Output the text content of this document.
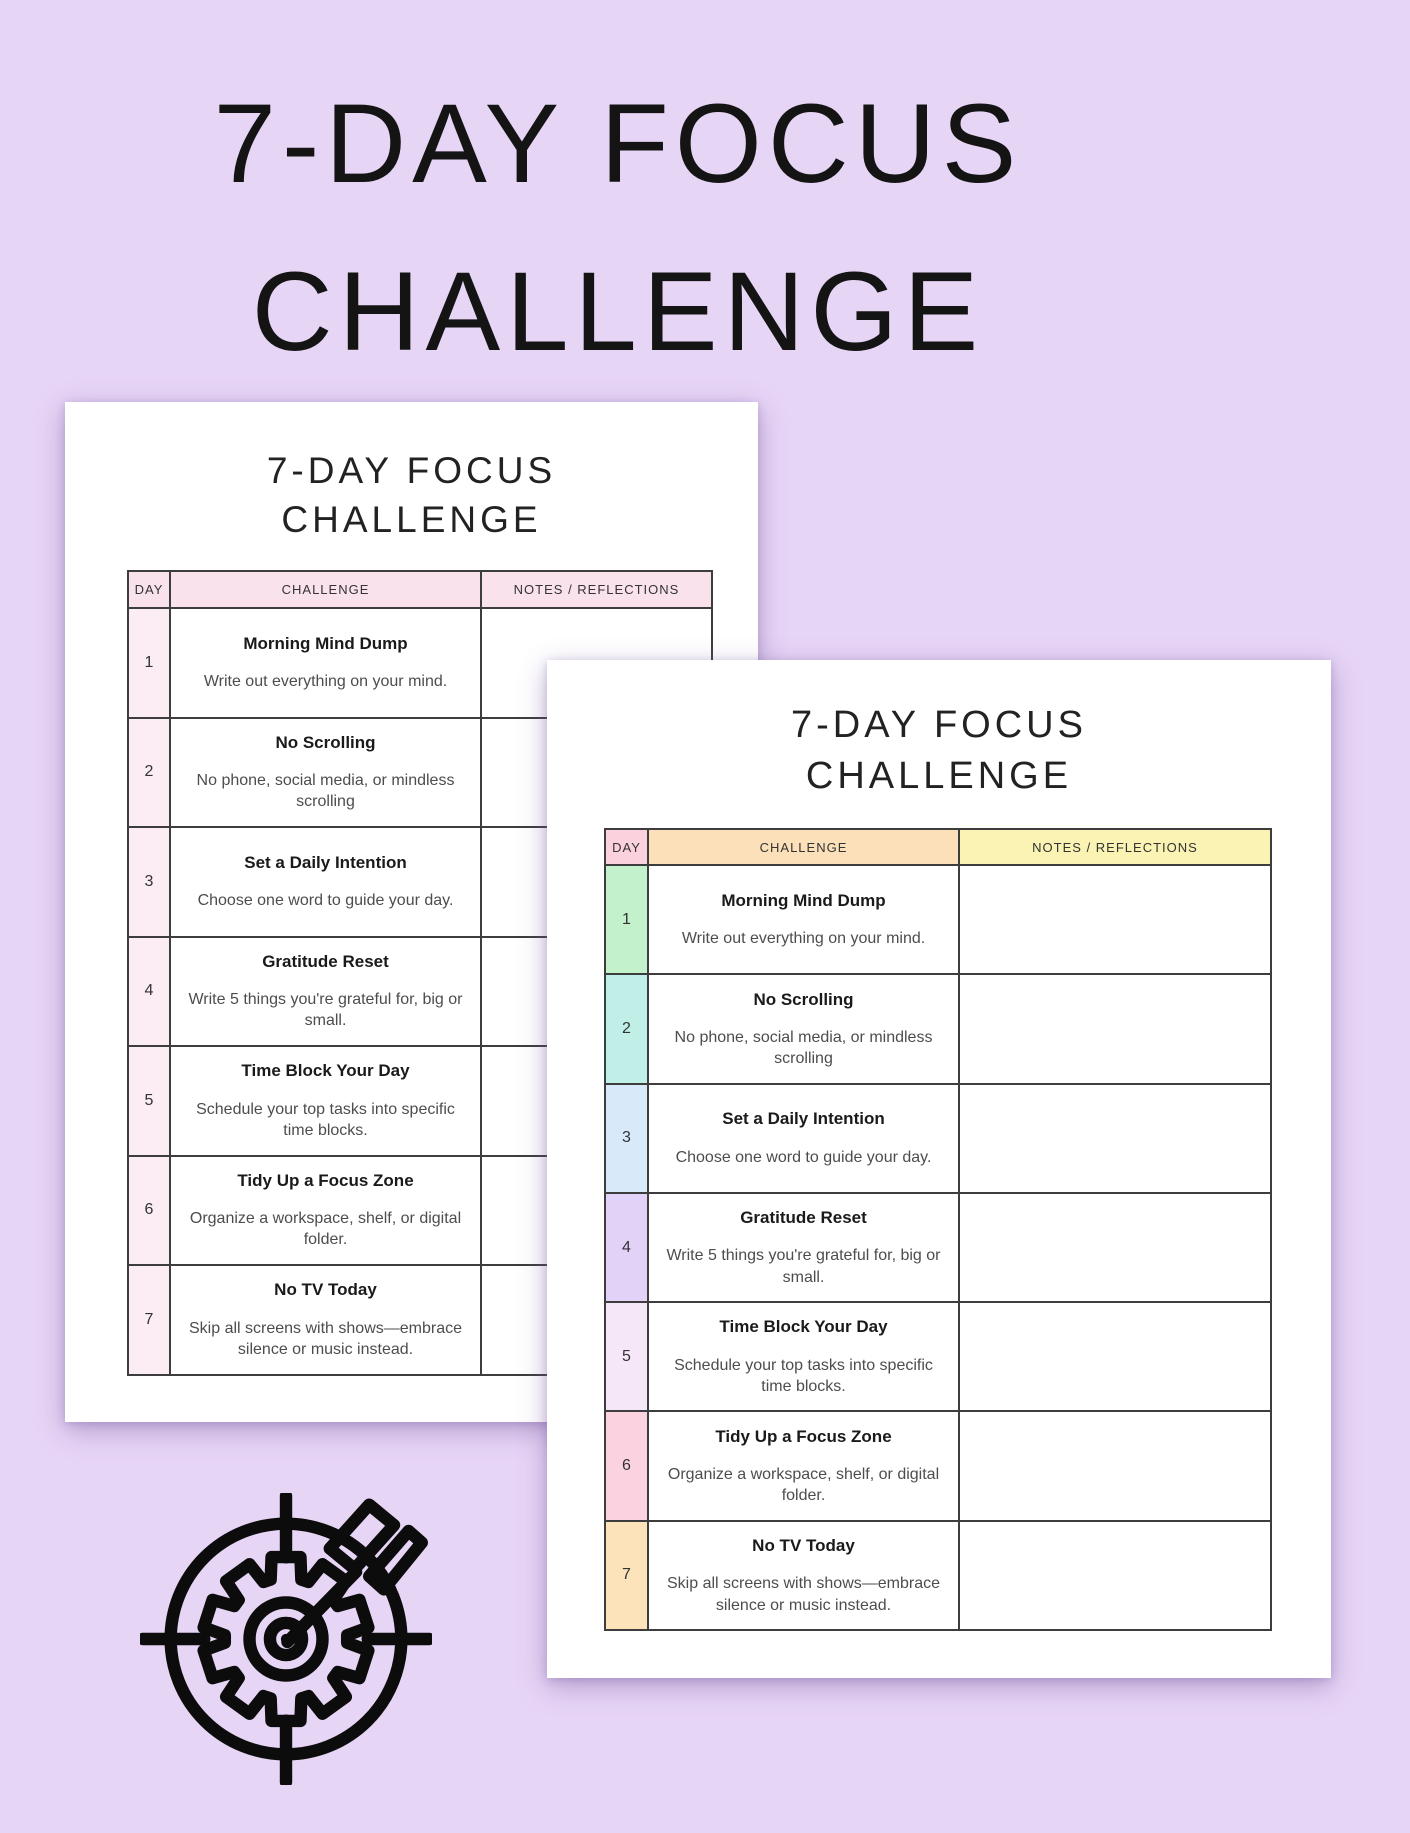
7-DAY FOCUS
CHALLENGE
7-DAY FOCUS
CHALLENGE
DAY	CHALLENGE	NOTES / REFLECTIONS
1	Morning Mind Dump
Write out everything on your mind.	

2	No Scrolling
No phone, social media, or mindless scrolling	

3	Set a Daily Intention
Choose one word to guide your day.	

4	Gratitude Reset
Write 5 things you're grateful for, big or small.	

5	Time Block Your Day
Schedule your top tasks into specific time blocks.	

6	Tidy Up a Focus Zone
Organize a workspace, shelf, or digital folder.	

7	No TV Today
Skip all screens with shows—embrace silence or music instead.	

7-DAY FOCUS
CHALLENGE
DAY	CHALLENGE	NOTES / REFLECTIONS
1	Morning Mind Dump
Write out everything on your mind.	

2	No Scrolling
No phone, social media, or mindless scrolling	

3	Set a Daily Intention
Choose one word to guide your day.	

4	Gratitude Reset
Write 5 things you're grateful for, big or small.	

5	Time Block Your Day
Schedule your top tasks into specific time blocks.	

6	Tidy Up a Focus Zone
Organize a workspace, shelf, or digital folder.	

7	No TV Today
Skip all screens with shows—embrace silence or music instead.	
